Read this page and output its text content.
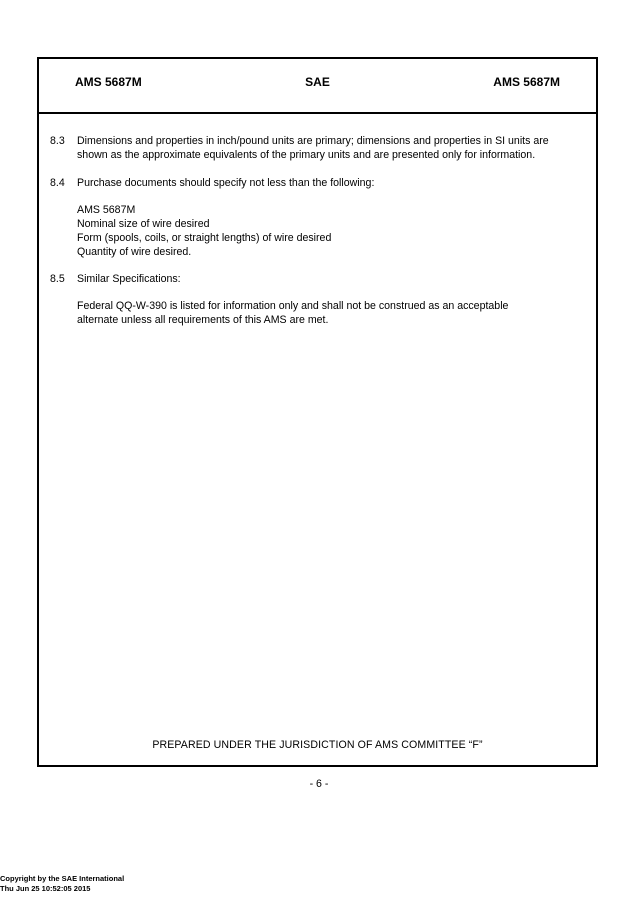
AMS 5687M	SAE	AMS 5687M
8.3 Dimensions and properties in inch/pound units are primary; dimensions and properties in SI units are
shown as the approximate equivalents of the primary units and are presented only for information.
8.4 Purchase documents should specify not less than the following:
AMS 5687M
Nominal size of wire desired
Form (spools, coils, or straight lengths) of wire desired
Quantity of wire desired.
8.5 Similar Specifications:
Federal QQ-W-390 is listed for information only and shall not be construed as an acceptable
alternate unless all requirements of this AMS are met.
PREPARED UNDER THE JURISDICTION OF AMS COMMITTEE “F”
- 6 -
Copyright by the SAE International
Thu Jun 25 10:52:05 2015
